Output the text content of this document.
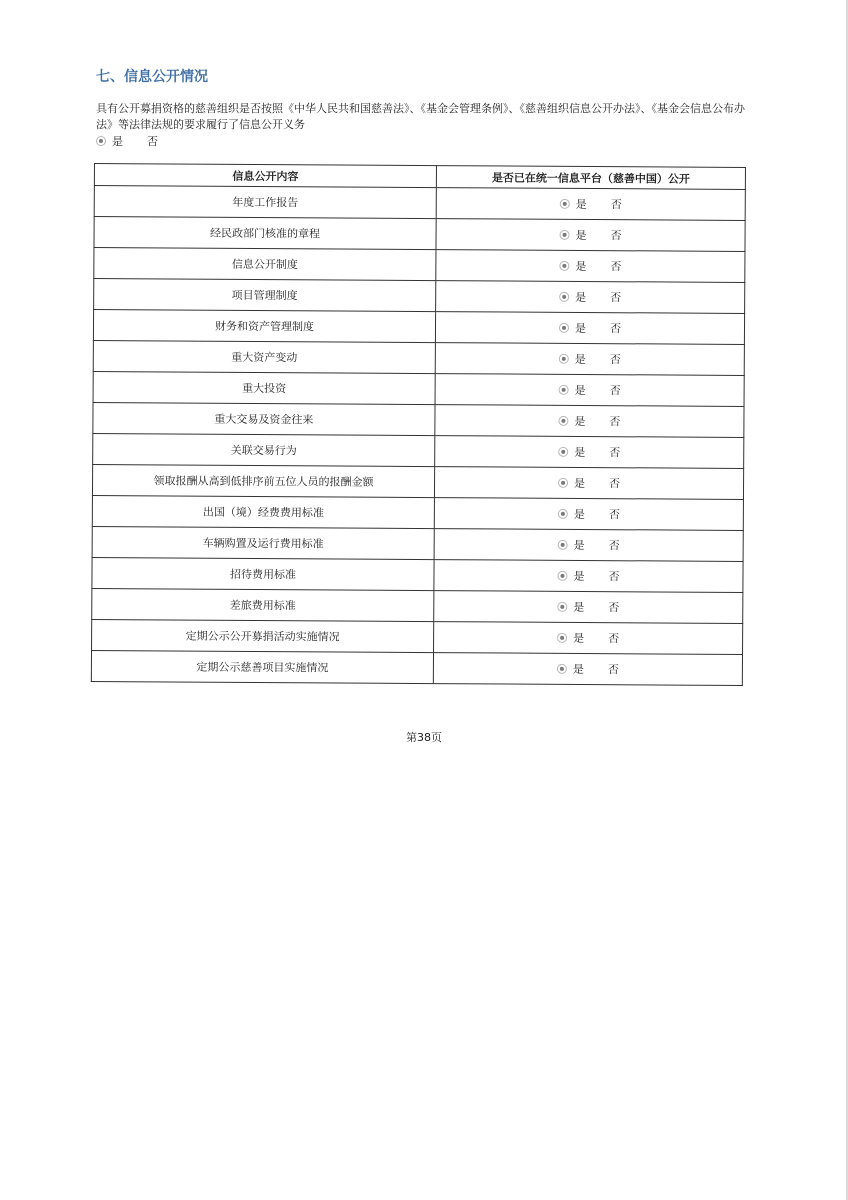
七、信息公开情况
具有公开募捐资格的慈善组织是否按照《中华人民共和国慈善法》、《基金会管理条例》、《慈善组织信息公开办法》、《基金会信息公布办法》等法律法规的要求履行了信息公开义务
是 否
信息公开内容	是否已在统一信息平台（慈善中国）公开
年度工作报告	是 否

经民政部门核准的章程	是 否

信息公开制度	是 否

项目管理制度	是 否

财务和资产管理制度	是 否

重大资产变动	是 否

重大投资	是 否

重大交易及资金往来	是 否

关联交易行为	是 否

领取报酬从高到低排序前五位人员的报酬金额	是 否

出国（境）经费费用标准	是 否

车辆购置及运行费用标准	是 否

招待费用标准	是 否

差旅费用标准	是 否

定期公示公开募捐活动实施情况	是 否

定期公示慈善项目实施情况	是 否
第38页
